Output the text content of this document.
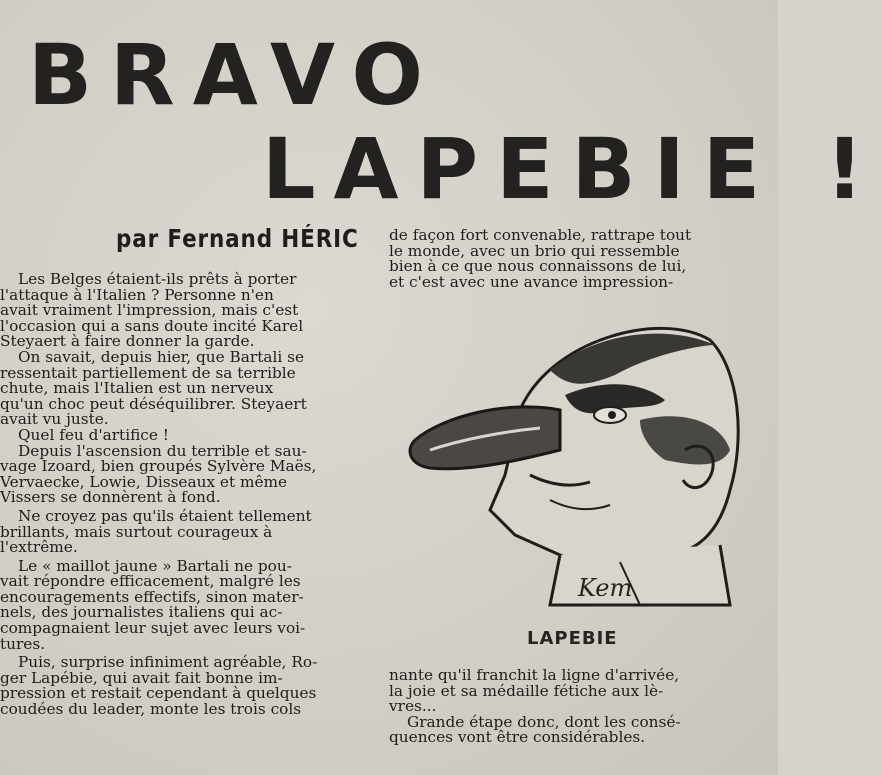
BRAVO
LAPEBIE !
par Fernand HÉRIC

Les Belges étaient-ils prêts à porter

l'attaque à l'Italien ? Personne n'en

avait vraiment l'impression, mais c'est

l'occasion qui a sans doute incité Karel

Steyaert à faire donner la garde.

On savait, depuis hier, que Bartali se

ressentait partiellement de sa terrible

chute, mais l'Italien est un nerveux

qu'un choc peut déséquilibrer. Steyaert

avait vu juste.

Quel feu d'artifice !

Depuis l'ascension du terrible et sau-

vage Izoard, bien groupés Sylvère Maës,

Vervaecke, Lowie, Disseaux et même

Vissers se donnèrent à fond.

Ne croyez pas qu'ils étaient tellement

brillants, mais surtout courageux à

l'extrême.

Le « maillot jaune » Bartali ne pou-

vait répondre efficacement, malgré les

encouragements effectifs, sinon mater-

nels, des journalistes italiens qui ac-

compagnaient leur sujet avec leurs voi-

tures.

Puis, surprise infiniment agréable, Ro-

ger Lapébie, qui avait fait bonne im-

pression et restait cependant à quelques

coudées du leader, monte les trois cols

de façon fort convenable, rattrape tout

le monde, avec un brio qui ressemble

bien à ce que nous connaissons de lui,

et c'est avec une avance impression-

Kem
LAPEBIE

nante qu'il franchit la ligne d'arrivée,

la joie et sa médaille fétiche aux lè-

vres...

Grande étape donc, dont les consé-

quences vont être considérables.
